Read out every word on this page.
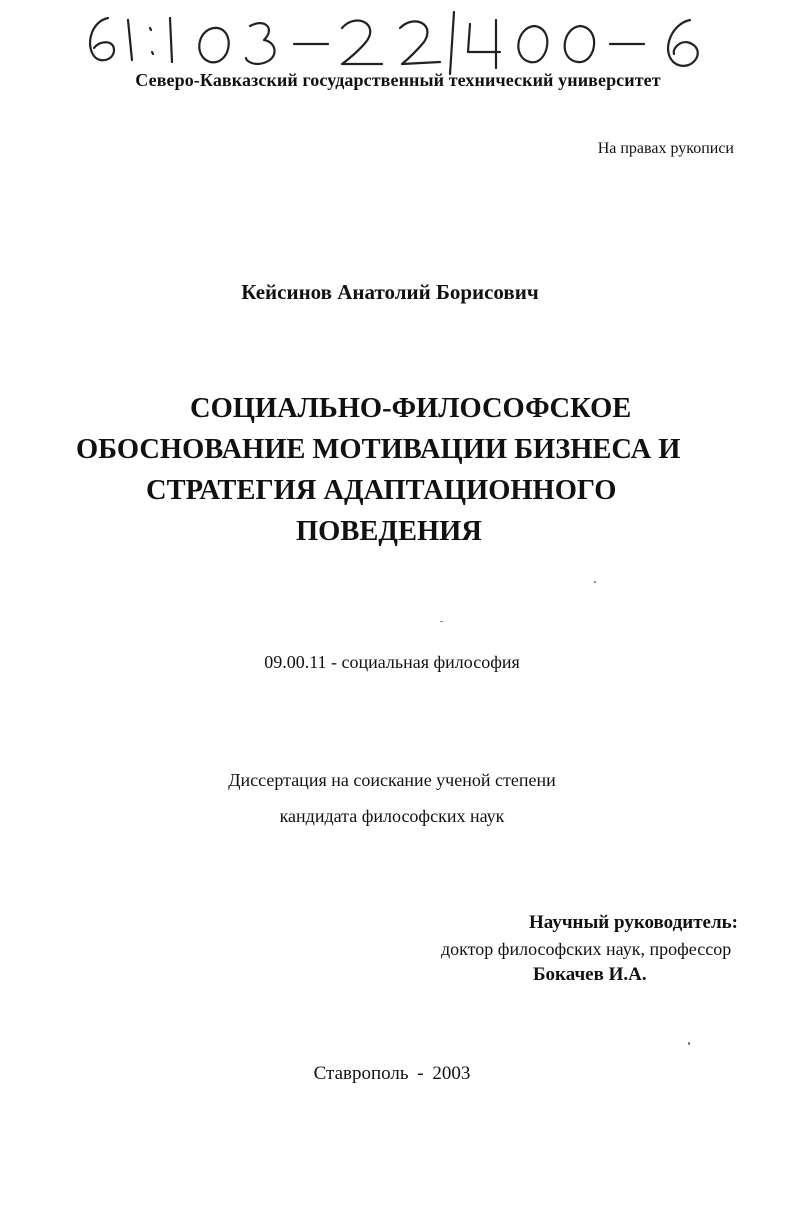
Северо-Кавказский государственный технический университет
На правах рукописи
Кейсинов Анатолий Борисович
СОЦИАЛЬНО-ФИЛОСОФСКОЕ
ОБОСНОВАНИЕ МОТИВАЦИИ БИЗНЕСА И
СТРАТЕГИЯ АДАПТАЦИОННОГО
ПОВЕДЕНИЯ
09.00.11 - социальная философия
Диссертация на соискание ученой степени
кандидата философских наук
Научный руководитель:
доктор философских наук, профессор
Бокачев И.А.
Ставрополь - 2003
